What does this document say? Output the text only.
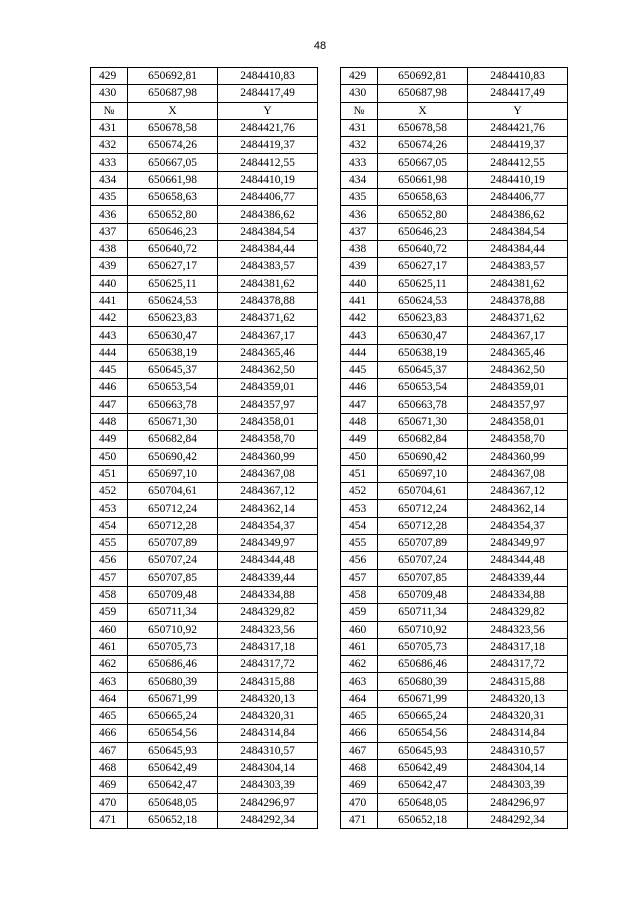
48
429	650692,81	2484410,83		429	650692,81	2484410,83
430	650687,98	2484417,49		430	650687,98	2484417,49
№	X	Y		№	X	Y
431	650678,58	2484421,76		431	650678,58	2484421,76
432	650674,26	2484419,37		432	650674,26	2484419,37
433	650667,05	2484412,55		433	650667,05	2484412,55
434	650661,98	2484410,19		434	650661,98	2484410,19
435	650658,63	2484406,77		435	650658,63	2484406,77
436	650652,80	2484386,62		436	650652,80	2484386,62
437	650646,23	2484384,54		437	650646,23	2484384,54
438	650640,72	2484384,44		438	650640,72	2484384,44
439	650627,17	2484383,57		439	650627,17	2484383,57
440	650625,11	2484381,62		440	650625,11	2484381,62
441	650624,53	2484378,88		441	650624,53	2484378,88
442	650623,83	2484371,62		442	650623,83	2484371,62
443	650630,47	2484367,17		443	650630,47	2484367,17
444	650638,19	2484365,46		444	650638,19	2484365,46
445	650645,37	2484362,50		445	650645,37	2484362,50
446	650653,54	2484359,01		446	650653,54	2484359,01
447	650663,78	2484357,97		447	650663,78	2484357,97
448	650671,30	2484358,01		448	650671,30	2484358,01
449	650682,84	2484358,70		449	650682,84	2484358,70
450	650690,42	2484360,99		450	650690,42	2484360,99
451	650697,10	2484367,08		451	650697,10	2484367,08
452	650704,61	2484367,12		452	650704,61	2484367,12
453	650712,24	2484362,14		453	650712,24	2484362,14
454	650712,28	2484354,37		454	650712,28	2484354,37
455	650707,89	2484349,97		455	650707,89	2484349,97
456	650707,24	2484344,48		456	650707,24	2484344,48
457	650707,85	2484339,44		457	650707,85	2484339,44
458	650709,48	2484334,88		458	650709,48	2484334,88
459	650711,34	2484329,82		459	650711,34	2484329,82
460	650710,92	2484323,56		460	650710,92	2484323,56
461	650705,73	2484317,18		461	650705,73	2484317,18
462	650686,46	2484317,72		462	650686,46	2484317,72
463	650680,39	2484315,88		463	650680,39	2484315,88
464	650671,99	2484320,13		464	650671,99	2484320,13
465	650665,24	2484320,31		465	650665,24	2484320,31
466	650654,56	2484314,84		466	650654,56	2484314,84
467	650645,93	2484310,57		467	650645,93	2484310,57
468	650642,49	2484304,14		468	650642,49	2484304,14
469	650642,47	2484303,39		469	650642,47	2484303,39
470	650648,05	2484296,97		470	650648,05	2484296,97
471	650652,18	2484292,34		471	650652,18	2484292,34
